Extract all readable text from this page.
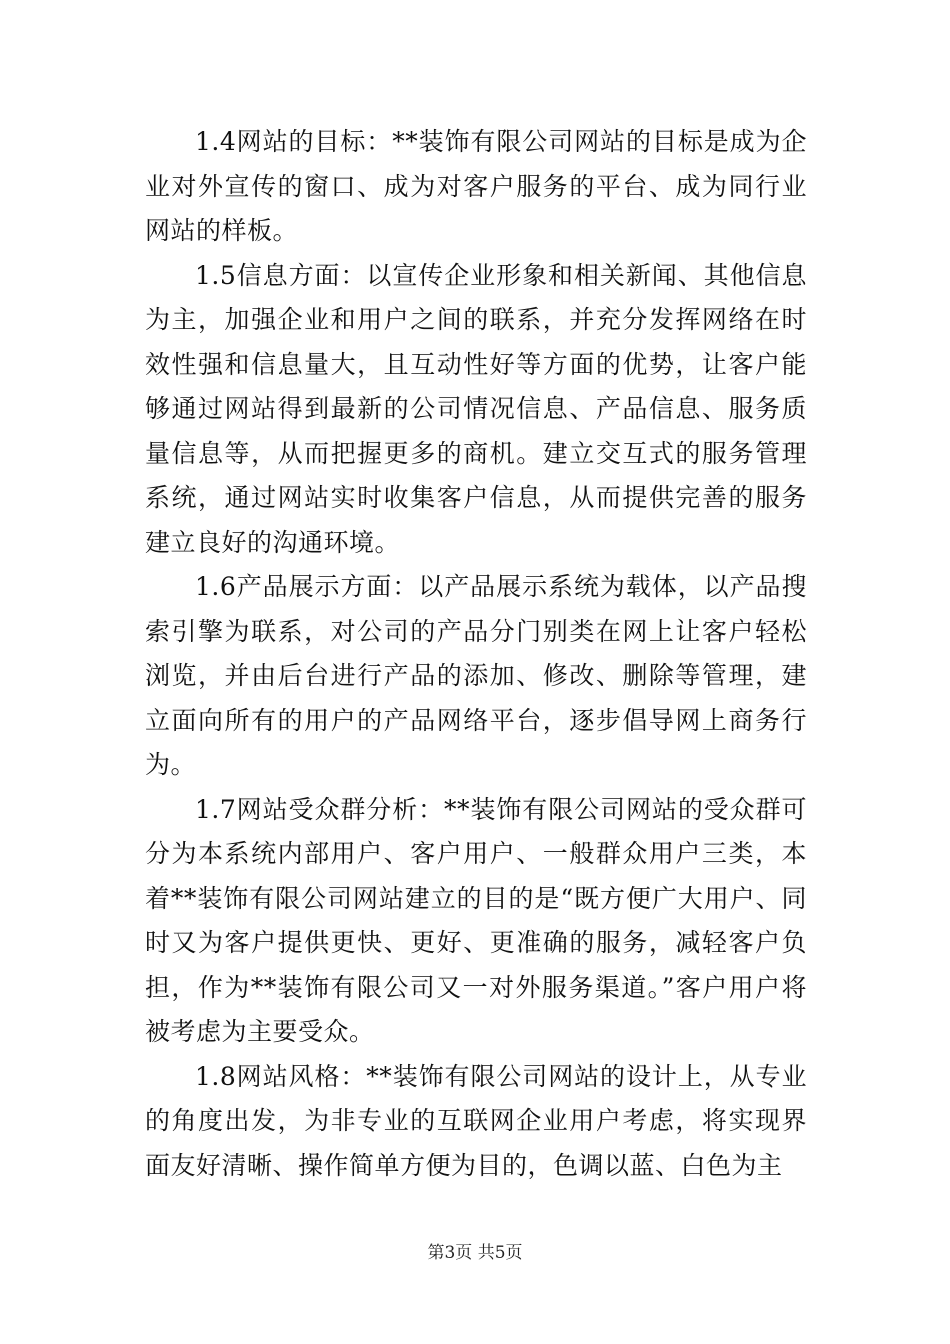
1.4网站的目标：**装饰有限公司网站的目标是成为企业对外宣传的窗口、成为对客户服务的平台、成为同行业网站的样板。

1.5信息方面：以宣传企业形象和相关新闻、其他信息为主，加强企业和用户之间的联系，并充分发挥网络在时效性强和信息量大，且互动性好等方面的优势，让客户能够通过网站得到最新的公司情况信息、产品信息、服务质量信息等，从而把握更多的商机。建立交互式的服务管理系统，通过网站实时收集客户信息，从而提供完善的服务建立良好的沟通环境。

1.6产品展示方面：以产品展示系统为载体，以产品搜索引擎为联系，对公司的产品分门别类在网上让客户轻松浏览，并由后台进行产品的添加、修改、删除等管理，建立面向所有的用户的产品网络平台，逐步倡导网上商务行为。

1.7网站受众群分析：**装饰有限公司网站的受众群可分为本系统内部用户、客户用户、一般群众用户三类，本着**装饰有限公司网站建立的目的是“既方便广大用户、同时又为客户提供更快、更好、更准确的服务，减轻客户负担，作为**装饰有限公司又一对外服务渠道。”客户用户将被考虑为主要受众。

1.8网站风格：**装饰有限公司网站的设计上，从专业的角度出发，为非专业的互联网企业用户考虑，将实现界面友好清晰、操作简单方便为目的，色调以蓝、白色为主

第3页 共5页
